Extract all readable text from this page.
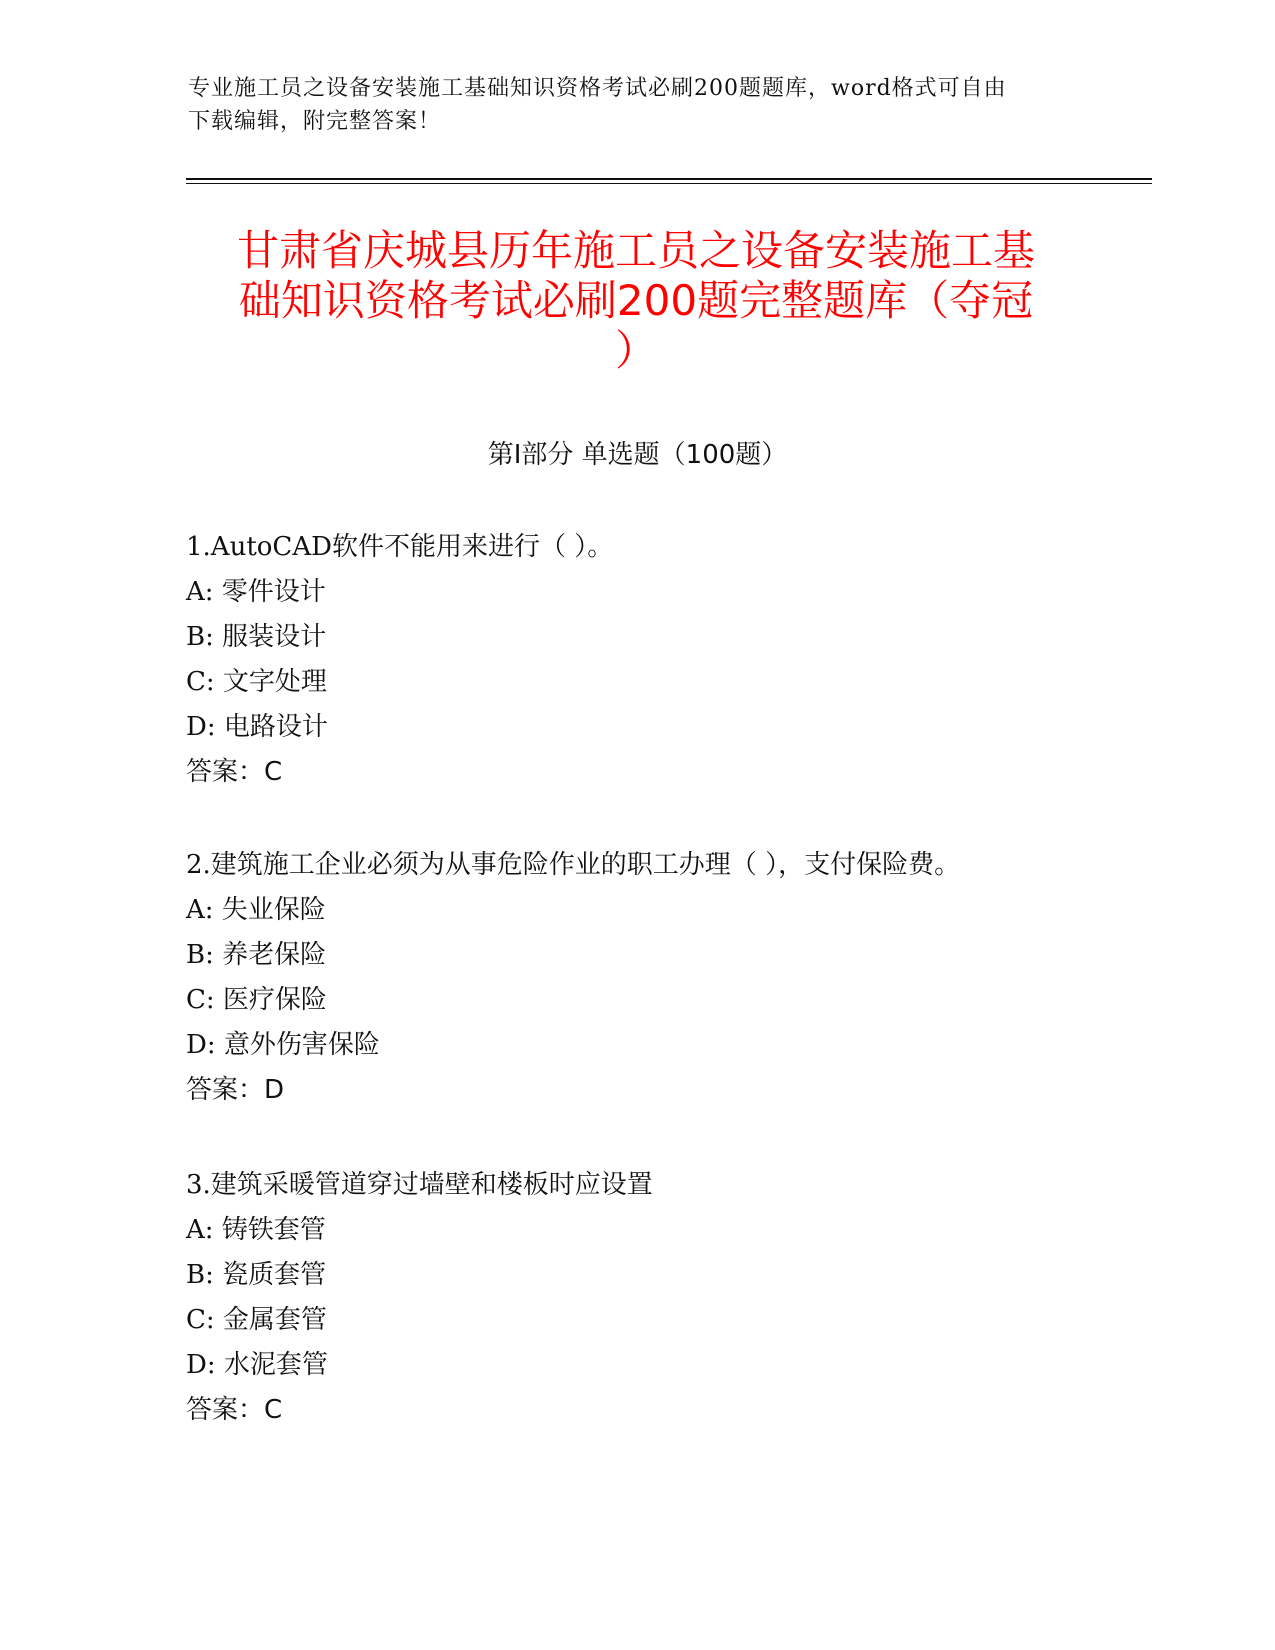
专业施工员之设备安装施工基础知识资格考试必刷200题题库，word格式可自由
下载编辑，附完整答案！
甘肃省庆城县历年施工员之设备安装施工基
础知识资格考试必刷200题完整题库（夺冠
）
第Ⅰ部分 单选题（100题）
1.AutoCAD软件不能用来进行（ ）。
A: 零件设计
B: 服装设计
C: 文字处理
D: 电路设计
答案：C
2.建筑施工企业必须为从事危险作业的职工办理（ ），支付保险费。
A: 失业保险
B: 养老保险
C: 医疗保险
D: 意外伤害保险
答案：D
3.建筑采暖管道穿过墙壁和楼板时应设置
A: 铸铁套管
B: 瓷质套管
C: 金属套管
D: 水泥套管
答案：C
